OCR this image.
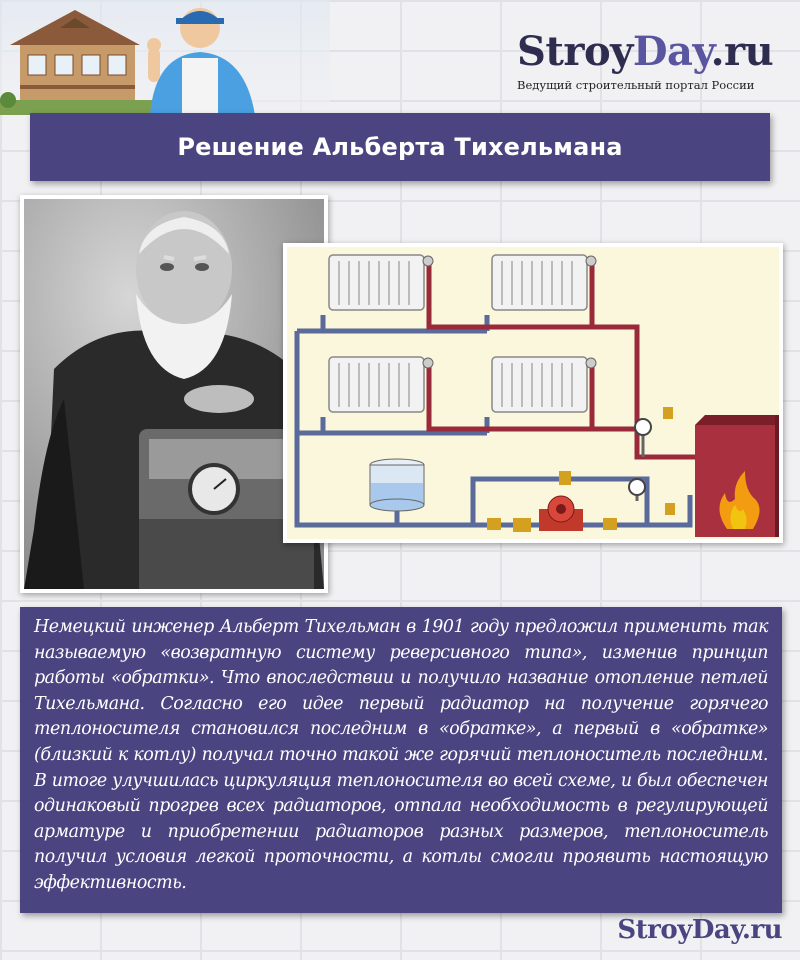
StroyDay.ru
Ведущий строительный портал России
Решение Альберта Тихельмана

Немецкий инженер Альберт Тихельман в 1901 году предложил применить так называемую «возвратную систему реверсивного типа», изменив принцип работы «обратки». Что впоследствии и получило название отопление петлей Тихельмана. Согласно его идее первый радиатор на получение горячего теплоносителя становился последним в «обратке», а первый в «обратке» (близкий к котлу) получал точно такой же горячий теплоноситель последним. В итоге улучшилась циркуляция теплоносителя во всей схеме, и был обеспечен одинаковый прогрев всех радиаторов, отпала необходимость в регулирующей арматуре и приобретении радиаторов разных размеров, теплоноситель получил условия легкой проточности, а котлы смогли проявить настоящую эффективность.

StroyDay.ru
